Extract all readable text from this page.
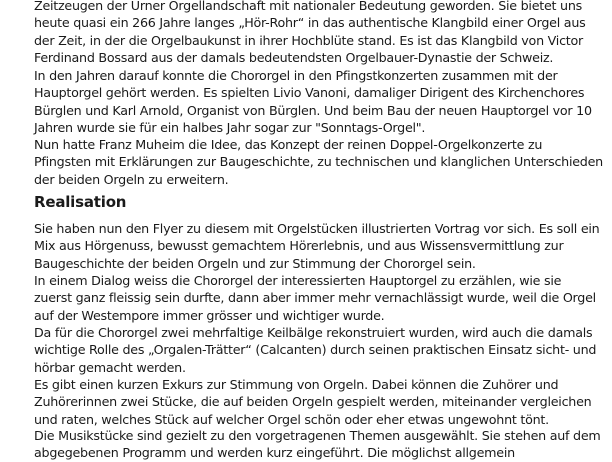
Zeitzeugen der Urner Orgellandschaft mit nationaler Bedeutung geworden. Sie bietet uns
heute quasi ein 266 Jahre langes „Hör-Rohr“ in das authentische Klangbild einer Orgel aus
der Zeit, in der die Orgelbaukunst in ihrer Hochblüte stand. Es ist das Klangbild von Victor
Ferdinand Bossard aus der damals bedeutendsten Orgelbauer-Dynastie der Schweiz.

In den Jahren darauf konnte die Chororgel in den Pfingstkonzerten zusammen mit der
Hauptorgel gehört werden. Es spielten Livio Vanoni, damaliger Dirigent des Kirchenchores
Bürglen und Karl Arnold, Organist von Bürglen. Und beim Bau der neuen Hauptorgel vor 10
Jahren wurde sie für ein halbes Jahr sogar zur "Sonntags-Orgel".

Nun hatte Franz Muheim die Idee, das Konzept der reinen Doppel-Orgelkonzerte zu
Pfingsten mit Erklärungen zur Baugeschichte, zu technischen und klanglichen Unterschieden
der beiden Orgeln zu erweitern.

Realisation

Sie haben nun den Flyer zu diesem mit Orgelstücken illustrierten Vortrag vor sich. Es soll ein
Mix aus Hörgenuss, bewusst gemachtem Hörerlebnis, und aus Wissensvermittlung zur
Baugeschichte der beiden Orgeln und zur Stimmung der Chororgel sein.

In einem Dialog weiss die Chororgel der interessierten Hauptorgel zu erzählen, wie sie
zuerst ganz fleissig sein durfte, dann aber immer mehr vernachlässigt wurde, weil die Orgel
auf der Westempore immer grösser und wichtiger wurde.

Da für die Chororgel zwei mehrfaltige Keilbälge rekonstruiert wurden, wird auch die damals
wichtige Rolle des „Orgalen-Trätter“ (Calcanten) durch seinen praktischen Einsatz sicht- und
hörbar gemacht werden.

Es gibt einen kurzen Exkurs zur Stimmung von Orgeln. Dabei können die Zuhörer und
Zuhörerinnen zwei Stücke, die auf beiden Orgeln gespielt werden, miteinander vergleichen
und raten, welches Stück auf welcher Orgel schön oder eher etwas ungewohnt tönt.

Die Musikstücke sind gezielt zu den vorgetragenen Themen ausgewählt. Sie stehen auf dem
abgegebenen Programm und werden kurz eingeführt. Die möglichst allgemein
